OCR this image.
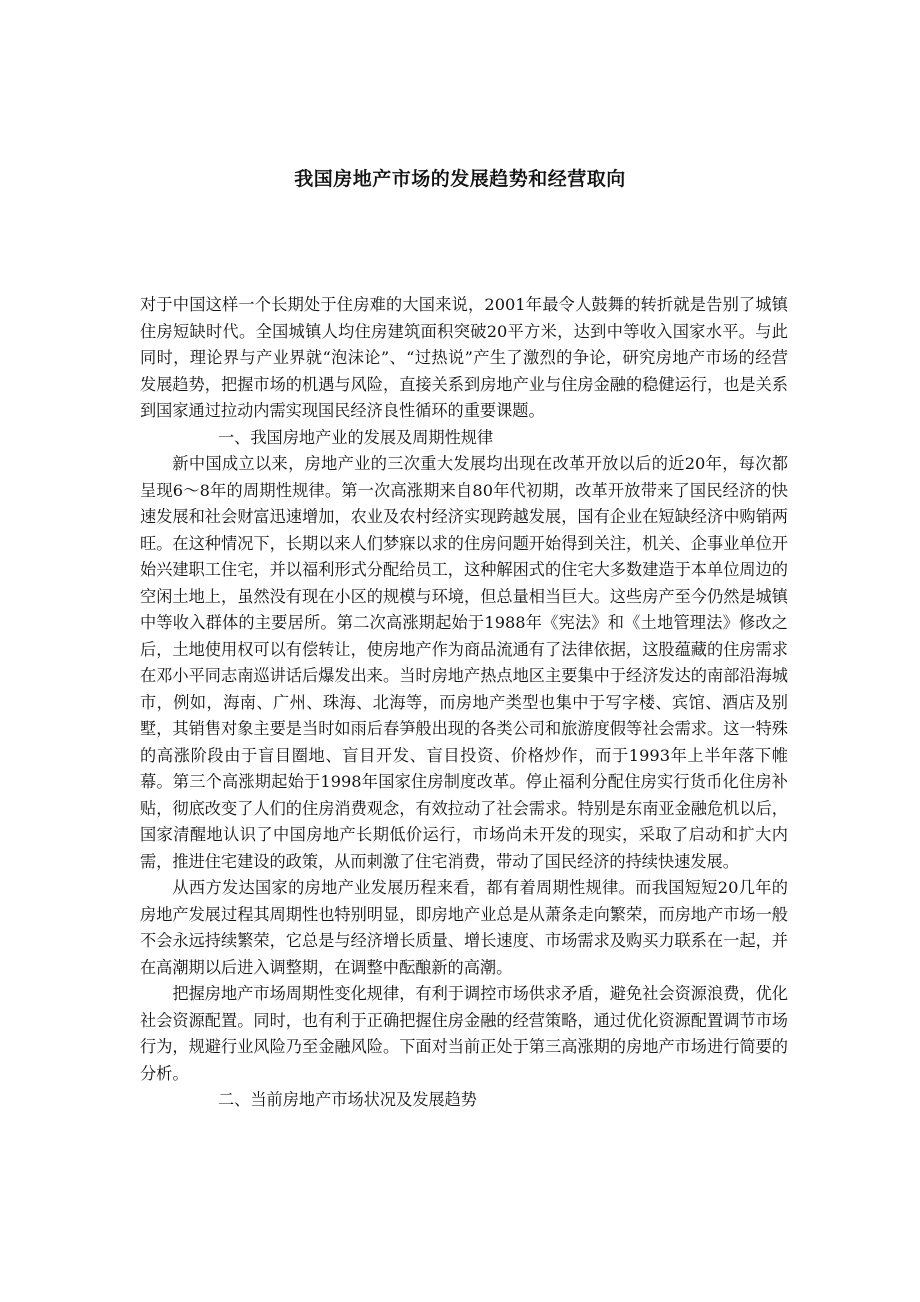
我国房地产市场的发展趋势和经营取向

对于中国这样一个长期处于住房难的大国来说，2001年最令人鼓舞的转折就是告别了城镇住房短缺时代。全国城镇人均住房建筑面积突破20平方米，达到中等收入国家水平。与此同时，理论界与产业界就“泡沫论”、“过热说”产生了激烈的争论，研究房地产市场的经营发展趋势，把握市场的机遇与风险，直接关系到房地产业与住房金融的稳健运行，也是关系到国家通过拉动内需实现国民经济良性循环的重要课题。

一、我国房地产业的发展及周期性规律

新中国成立以来，房地产业的三次重大发展均出现在改革开放以后的近20年，每次都呈现6～8年的周期性规律。第一次高涨期来自80年代初期，改革开放带来了国民经济的快速发展和社会财富迅速增加，农业及农村经济实现跨越发展，国有企业在短缺经济中购销两旺。在这种情况下，长期以来人们梦寐以求的住房问题开始得到关注，机关、企事业单位开始兴建职工住宅，并以福利形式分配给员工，这种解困式的住宅大多数建造于本单位周边的空闲土地上，虽然没有现在小区的规模与环境，但总量相当巨大。这些房产至今仍然是城镇中等收入群体的主要居所。第二次高涨期起始于1988年《宪法》和《土地管理法》修改之后，土地使用权可以有偿转让，使房地产作为商品流通有了法律依据，这股蕴藏的住房需求在邓小平同志南巡讲话后爆发出来。当时房地产热点地区主要集中于经济发达的南部沿海城市，例如，海南、广州、珠海、北海等，而房地产类型也集中于写字楼、宾馆、酒店及别墅，其销售对象主要是当时如雨后春笋般出现的各类公司和旅游度假等社会需求。这一特殊的高涨阶段由于盲目圈地、盲目开发、盲目投资、价格炒作，而于1993年上半年落下帷幕。第三个高涨期起始于1998年国家住房制度改革。停止福利分配住房实行货币化住房补贴，彻底改变了人们的住房消费观念，有效拉动了社会需求。特别是东南亚金融危机以后，国家清醒地认识了中国房地产长期低价运行，市场尚未开发的现实，采取了启动和扩大内需，推进住宅建设的政策，从而刺激了住宅消费，带动了国民经济的持续快速发展。

从西方发达国家的房地产业发展历程来看，都有着周期性规律。而我国短短20几年的房地产发展过程其周期性也特别明显，即房地产业总是从萧条走向繁荣，而房地产市场一般不会永远持续繁荣，它总是与经济增长质量、增长速度、市场需求及购买力联系在一起，并在高潮期以后进入调整期，在调整中酝酿新的高潮。

把握房地产市场周期性变化规律，有利于调控市场供求矛盾，避免社会资源浪费，优化社会资源配置。同时，也有利于正确把握住房金融的经营策略，通过优化资源配置调节市场行为，规避行业风险乃至金融风险。下面对当前正处于第三高涨期的房地产市场进行简要的分析。

二、当前房地产市场状况及发展趋势
